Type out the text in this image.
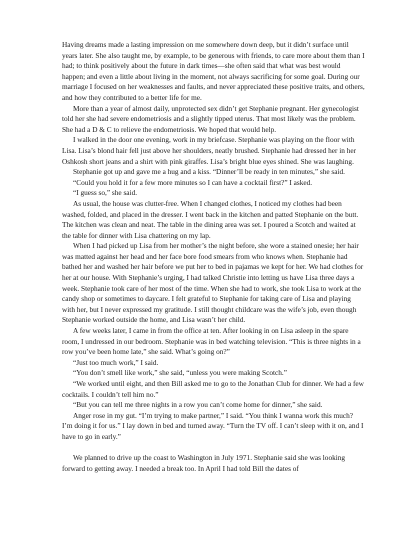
Having dreams made a lasting impression on me somewhere down deep, but it didn’t surface until years later. She also taught me, by example, to be generous with friends, to care more about them than I had; to think positively about the future in dark times—she often said that what was best would happen; and even a little about living in the moment, not always sacrificing for some goal. During our marriage I focused on her weaknesses and faults, and never appreciated these positive traits, and others, and how they contributed to a better life for me.

More than a year of almost daily, unprotected sex didn’t get Stephanie pregnant. Her gynecologist told her she had severe endometriosis and a slightly tipped uterus. That most likely was the problem. She had a D & C to relieve the endometriosis. We hoped that would help.

I walked in the door one evening, work in my briefcase. Stephanie was playing on the floor with Lisa. Lisa’s blond hair fell just above her shoulders, neatly brushed. Stephanie had dressed her in her Oshkosh short jeans and a shirt with pink giraffes. Lisa’s bright blue eyes shined. She was laughing.

Stephanie got up and gave me a hug and a kiss. “Dinner’ll be ready in ten minutes,” she said.

“Could you hold it for a few more minutes so I can have a cocktail first?” I asked.

“I guess so,” she said.

As usual, the house was clutter-free. When I changed clothes, I noticed my clothes had been washed, folded, and placed in the dresser. I went back in the kitchen and patted Stephanie on the butt. The kitchen was clean and neat. The table in the dining area was set. I poured a Scotch and waited at the table for dinner with Lisa chattering on my lap.

When I had picked up Lisa from her mother’s the night before, she wore a stained onesie; her hair was matted against her head and her face bore food smears from who knows when. Stephanie had bathed her and washed her hair before we put her to bed in pajamas we kept for her. We had clothes for her at our house. With Stephanie’s urging, I had talked Christie into letting us have Lisa three days a week. Stephanie took care of her most of the time. When she had to work, she took Lisa to work at the candy shop or sometimes to daycare. I felt grateful to Stephanie for taking care of Lisa and playing with her, but I never expressed my gratitude. I still thought childcare was the wife’s job, even though Stephanie worked outside the home, and Lisa wasn’t her child.

A few weeks later, I came in from the office at ten. After looking in on Lisa asleep in the spare room, I undressed in our bedroom. Stephanie was in bed watching television. “This is three nights in a row you’ve been home late,” she said. What’s going on?”

“Just too much work,” I said.

“You don’t smell like work,” she said, “unless you were making Scotch.”

“We worked until eight, and then Bill asked me to go to the Jonathan Club for dinner. We had a few cocktails. I couldn’t tell him no.”

“But you can tell me three nights in a row you can’t come home for dinner,” she said.

Anger rose in my gut. “I’m trying to make partner,” I said. “You think I wanna work this much? I’m doing it for us.” I lay down in bed and turned away. “Turn the TV off. I can’t sleep with it on, and I have to go in early.”

We planned to drive up the coast to Washington in July 1971. Stephanie said she was looking forward to getting away. I needed a break too. In April I had told Bill the dates of
